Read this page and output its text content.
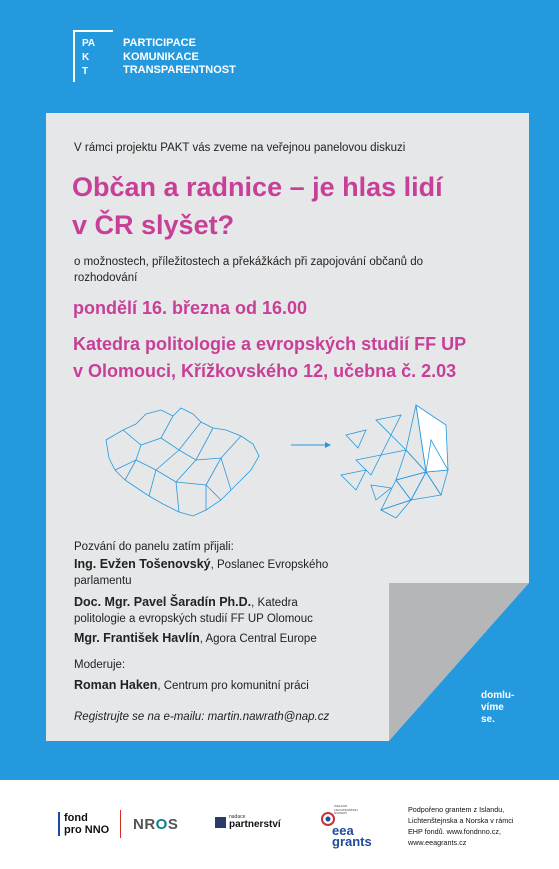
PA
K
T
PARTICIPACE
KOMUNIKACE
TRANSPARENTNOST

V rámci projektu PAKT vás zveme na veřejnou panelovou diskuzi

Občan a radnice – je hlas lidí
v ČR slyšet?

o možnostech, příležitostech a překážkách při zapojování občanů do

rozhodování

pondělí 16. března od 16.00

Katedra politologie a evropských studií FF UP
v Olomouci, Křížkovského 12, učebna č. 2.03

Pozvání do panelu zatím přijali:

Ing. Evžen Tošenovský, Poslanec Evropského

parlamentu

Doc. Mgr. Pavel Šaradín Ph.D., Katedra

politologie a evropských studií FF UP Olomouc

Mgr. František Havlín, Agora Central Europe

Moderuje:

Roman Haken, Centrum pro komunitní práci

Registrujte se na e-mailu: martin.nawrath@nap.cz

domlu-
víme
se.
fond
pro NNO NROS	nadace
partnerství
ICELAND
LIECHTENSTEIN
NORWAY
eea
grants
Podpořeno grantem z Islandu,
Lichtenštejnska a Norska v rámci
EHP fondů. www.fondnno.cz,
www.eeagrants.cz
